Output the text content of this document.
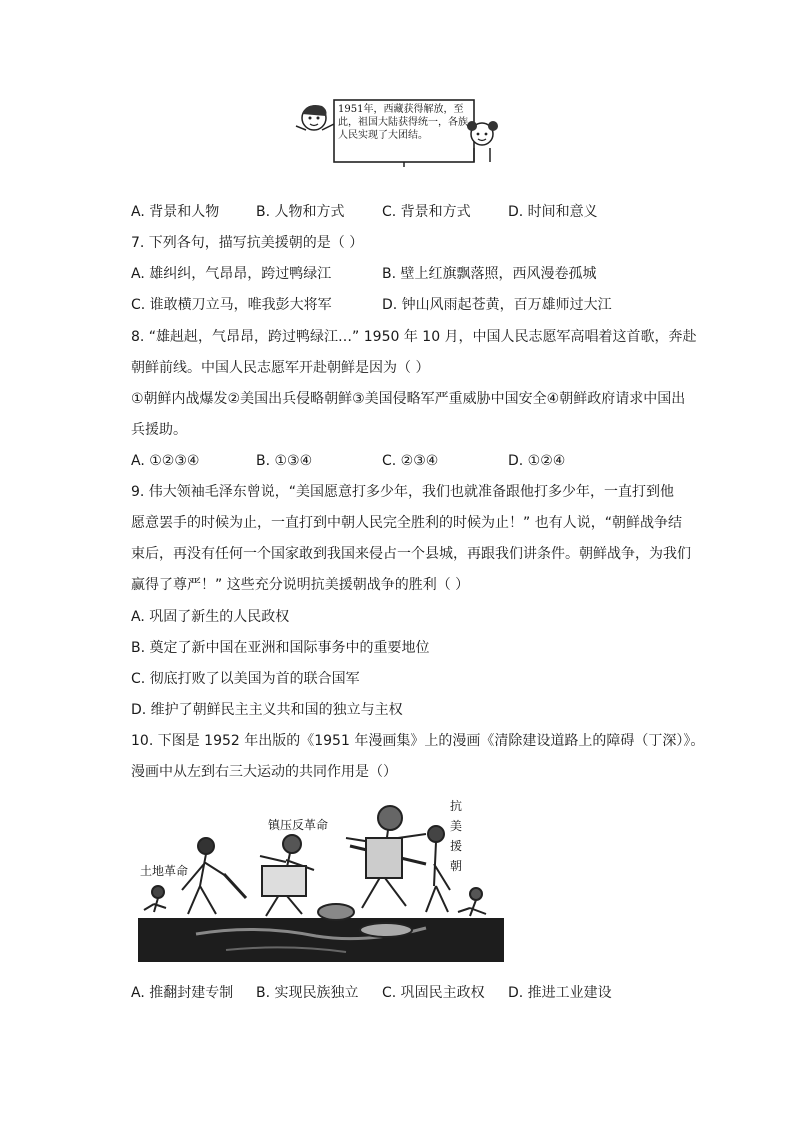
1951年，西藏获得解放，至此，祖国大陆获得统一，各族人民实现了大团结。
A. 背景和人物	B. 人物和方式	C. 背景和方式	D. 时间和意义
7. 下列各句，描写抗美援朝的是（ ）
A. 雄纠纠，气昂昂，跨过鸭绿江	B. 壁上红旗飘落照，西风漫卷孤城
C. 谁敢横刀立马，唯我彭大将军	D. 钟山风雨起苍黄，百万雄师过大江
8. “雄赳赳，气昂昂，跨过鸭绿江…” 1950 年 10 月，中国人民志愿军高唱着这首歌，奔赴
朝鲜前线。中国人民志愿军开赴朝鲜是因为（ ）
①朝鲜内战爆发②美国出兵侵略朝鲜③美国侵略军严重威胁中国安全④朝鲜政府请求中国出
兵援助。
A. ①②③④	B. ①③④	C. ②③④	D. ①②④
9. 伟大领袖毛泽东曾说，“美国愿意打多少年，我们也就准备跟他打多少年，一直打到他
愿意罢手的时候为止，一直打到中朝人民完全胜利的时候为止！” 也有人说，“朝鲜战争结
束后，再没有任何一个国家敢到我国来侵占一个县城，再跟我们讲条件。朝鲜战争，为我们
赢得了尊严！” 这些充分说明抗美援朝战争的胜利（ ）
A. 巩固了新生的人民政权
B. 奠定了新中国在亚洲和国际事务中的重要地位
C. 彻底打败了以美国为首的联合国军
D. 维护了朝鲜民主主义共和国的独立与主权
10. 下图是 1952 年出版的《1951 年漫画集》上的漫画《清除建设道路上的障碍（丁深）》。
漫画中从左到右三大运动的共同作用是（）
土地革命
镇压反革命
抗
美
援
朝
A. 推翻封建专制 B. 实现民族独立 C. 巩固民主政权 D. 推进工业建设
